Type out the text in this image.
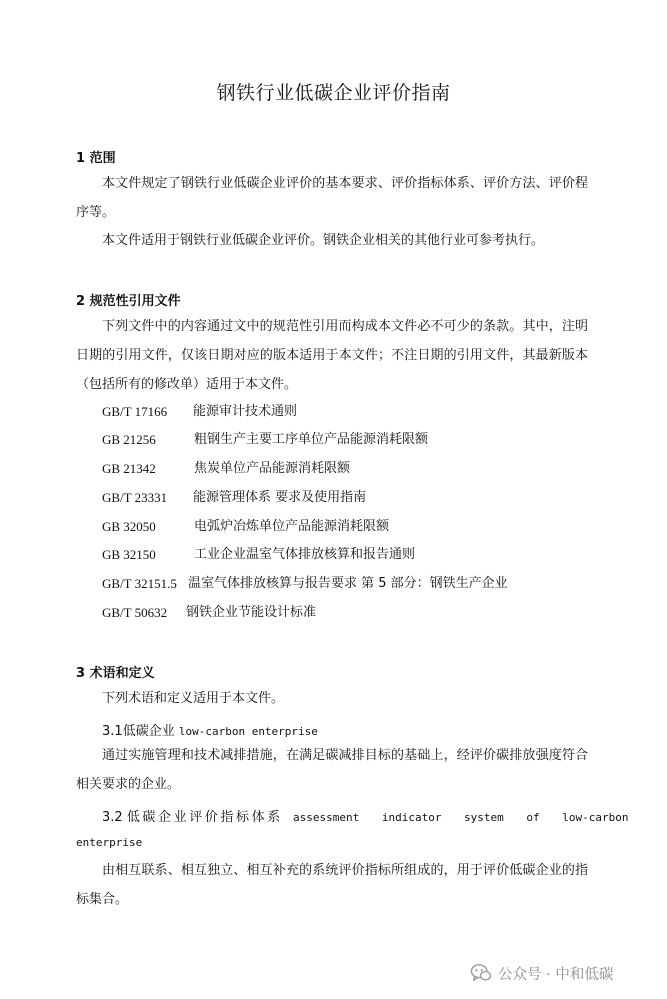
钢铁行业低碳企业评价指南
1 范围

本文件规定了钢铁行业低碳企业评价的基本要求、评价指标体系、评价方法、评价程序等。

本文件适用于钢铁行业低碳企业评价。钢铁企业相关的其他行业可参考执行。

2 规范性引用文件

下列文件中的内容通过文中的规范性引用而构成本文件必不可少的条款。其中，注明日期的引用文件，仅该日期对应的版本适用于本文件；不注日期的引用文件，其最新版本（包括所有的修改单）适用于本文件。

GB/T 17166 能源审计技术通则
GB 21256	粗钢生产主要工序单位产品能源消耗限额
GB 21342	焦炭单位产品能源消耗限额
GB/T 23331 能源管理体系 要求及使用指南
GB 32050	电弧炉冶炼单位产品能源消耗限额
GB 32150	工业企业温室气体排放核算和报告通则
GB/T 32151.5 温室气体排放核算与报告要求 第 5 部分：钢铁生产企业
GB/T 50632 钢铁企业节能设计标准
3 术语和定义

下列术语和定义适用于本文件。

3.1低碳企业 low-carbon enterprise

通过实施管理和技术减排措施，在满足碳减排目标的基础上，经评价碳排放强度符合相关要求的企业。

3.2 低碳企业评价指标体系 assessment indicator system of low-carbon
enterprise

由相互联系、相互独立、相互补充的系统评价指标所组成的，用于评价低碳企业的指标集合。

公众号 · 中和低碳
